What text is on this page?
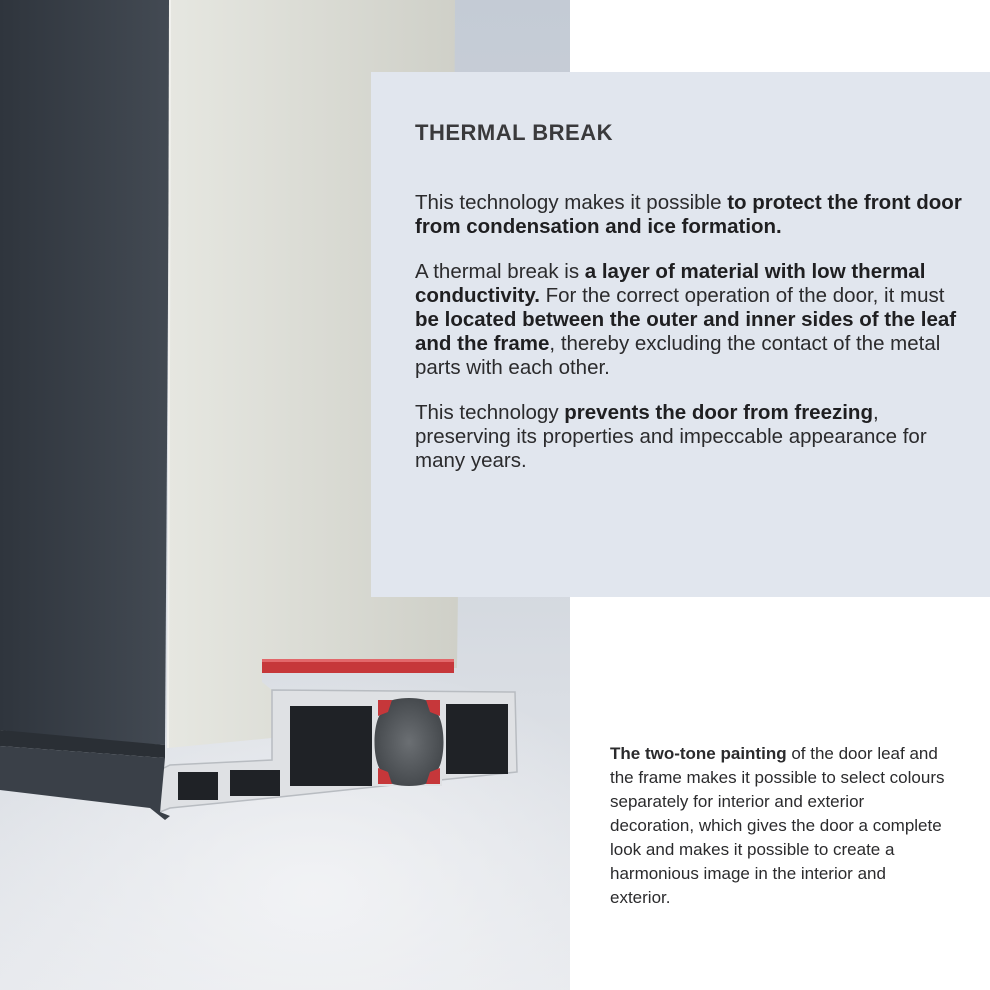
THERMAL BREAK

This technology makes it possible to protect the front door from condensation and ice formation.

A thermal break is a layer of material with low thermal conductivity. For the correct operation of the door, it must be located between the outer and inner sides of the leaf and the frame, thereby excluding the contact of the metal parts with each other.

This technology prevents the door from freezing, preserving its properties and impeccable appearance for many years.

The two-tone painting of the door leaf and the frame makes it possible to select colours separately for interior and exterior decoration, which gives the door a complete look and makes it possible to create a harmonious image in the interior and exterior.
